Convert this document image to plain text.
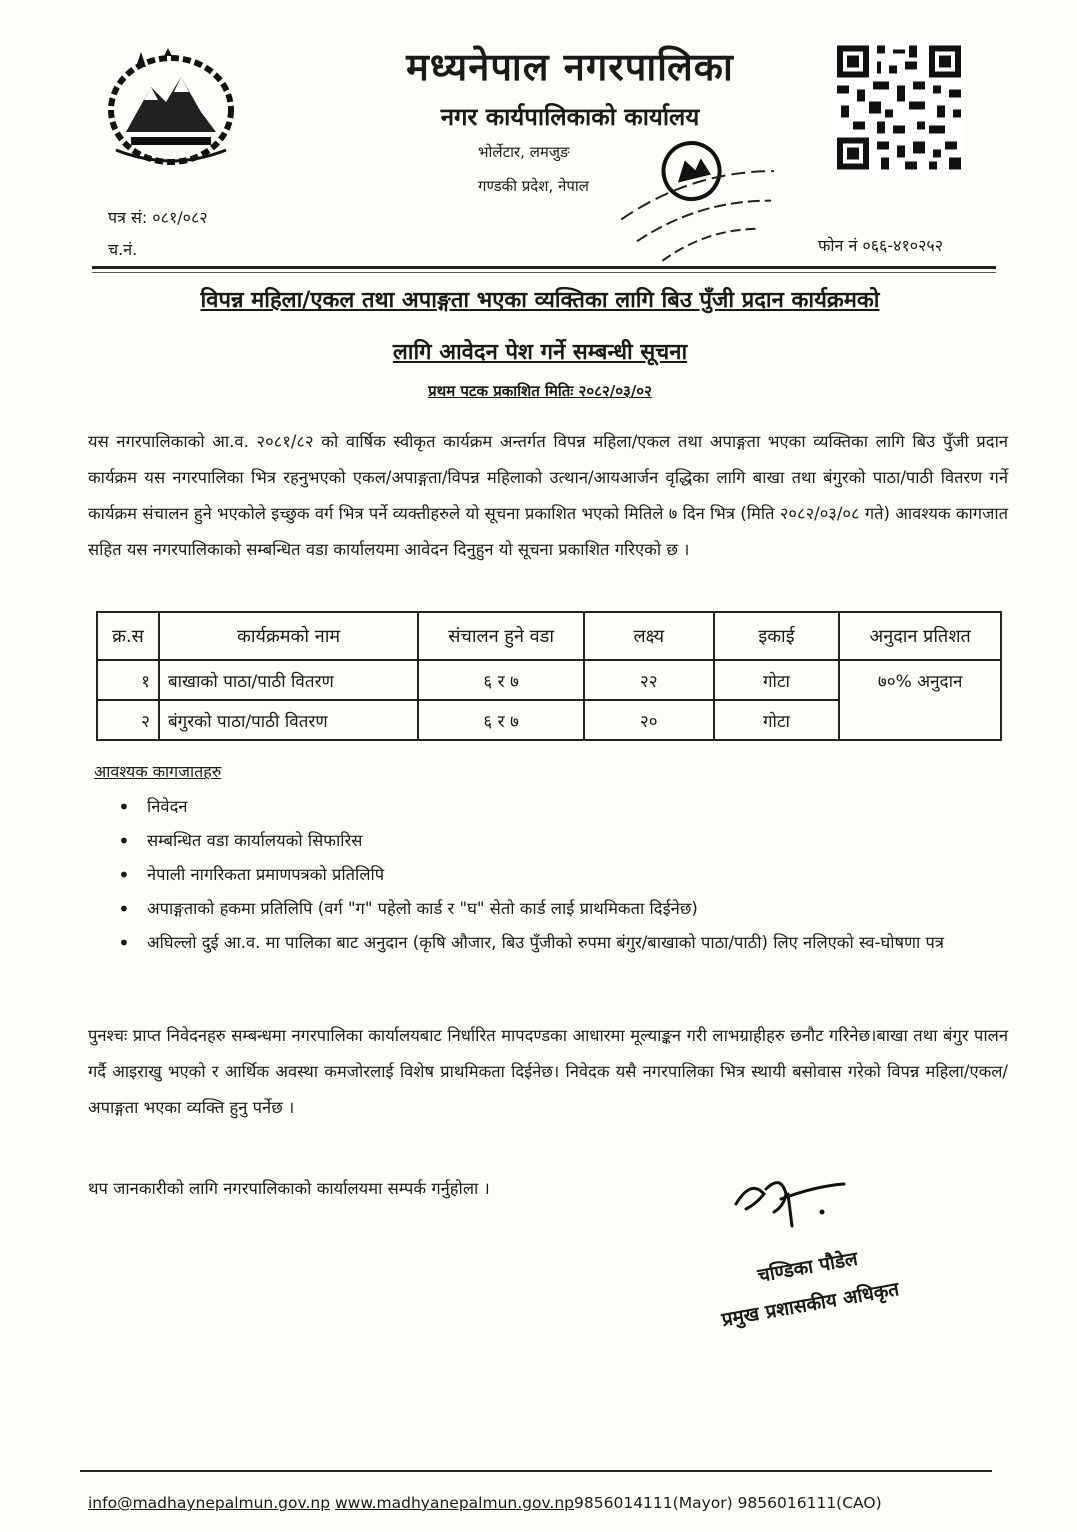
मध्यनेपाल नगरपालिका
नगर कार्यपालिकाको कार्यालय
भोर्लेटार, लमजुङ
गण्डकी प्रदेश, नेपाल
पत्र सं: ०८१/०८२
च.नं.	फोन नं ०६६-४१०२५२
विपन्न महिला/एकल तथा अपाङ्गता भएका व्यक्तिका लागि बिउ पुँजी प्रदान कार्यक्रमको
लागि आवेदन पेश गर्ने सम्बन्धी सूचना
प्रथम पटक प्रकाशित मितिः २०८२/०३/०२

यस नगरपालिकाको आ.व. २०८१/८२ को वार्षिक स्वीकृत कार्यक्रम अन्तर्गत विपन्न महिला/एकल तथा अपाङ्गता भएका व्यक्तिका लागि बिउ पुँजी प्रदान कार्यक्रम यस नगरपालिका भित्र रहनुभएको एकल/अपाङ्गता/विपन्न महिलाको उत्थान/आयआर्जन वृद्धिका लागि बाखा तथा बंगुरको पाठा/पाठी वितरण गर्ने कार्यक्रम संचालन हुने भएकोले इच्छुक वर्ग भित्र पर्ने व्यक्तीहरुले यो सूचना प्रकाशित भएको मितिले ७ दिन भित्र (मिति २०८२/०३/०८ गते) आवश्यक कागजात सहित यस नगरपालिकाको सम्बन्धित वडा कार्यालयमा आवेदन दिनुहुन यो सूचना प्रकाशित गरिएको छ ।

क्र.स	कार्यक्रमको नाम	संचालन हुने वडा	लक्ष्य	इकाई	अनुदान प्रतिशत
१	बाखाको पाठा/पाठी वितरण	६ र ७	२२	गोटा	७०% अनुदान
२	बंगुरको पाठा/पाठी वितरण	६ र ७	२०	गोटा	
आवश्यक कागजातहरु
• निवेदन
• सम्बन्धित वडा कार्यालयको सिफारिस
• नेपाली नागरिकता प्रमाणपत्रको प्रतिलिपि
• अपाङ्गताको हकमा प्रतिलिपि (वर्ग "ग" पहेलो कार्ड र "घ" सेतो कार्ड लाई प्राथमिकता दिईनेछ)
• अघिल्लो दुई आ.व. मा पालिका बाट अनुदान (कृषि औजार, बिउ पुँजीको रुपमा बंगुर/बाखाको पाठा/पाठी) लिए नलिएको स्व-घोषणा पत्र

पुनश्चः प्राप्त निवेदनहरु सम्बन्धमा नगरपालिका कार्यालयबाट निर्धारित मापदण्डका आधारमा मूल्याङ्कन गरी लाभग्राहीहरु छनौट गरिनेछ।बाखा तथा बंगुर पालन गर्दै आइराखु भएको र आर्थिक अवस्था कमजोरलाई विशेष प्राथमिकता दिईनेछ। निवेदक यसै नगरपालिका भित्र स्थायी बसोवास गरेको विपन्न महिला/एकल/अपाङ्गता भएका व्यक्ति हुनु पर्नेछ ।

थप जानकारीको लागि नगरपालिकाको कार्यालयमा सम्पर्क गर्नुहोला ।
चण्डिका पौडेल
प्रमुख प्रशासकीय अधिकृत
info@madhaynepalmun.gov.np www.madhyanepalmun.gov.np9856014111(Mayor) 9856016111(CAO)
